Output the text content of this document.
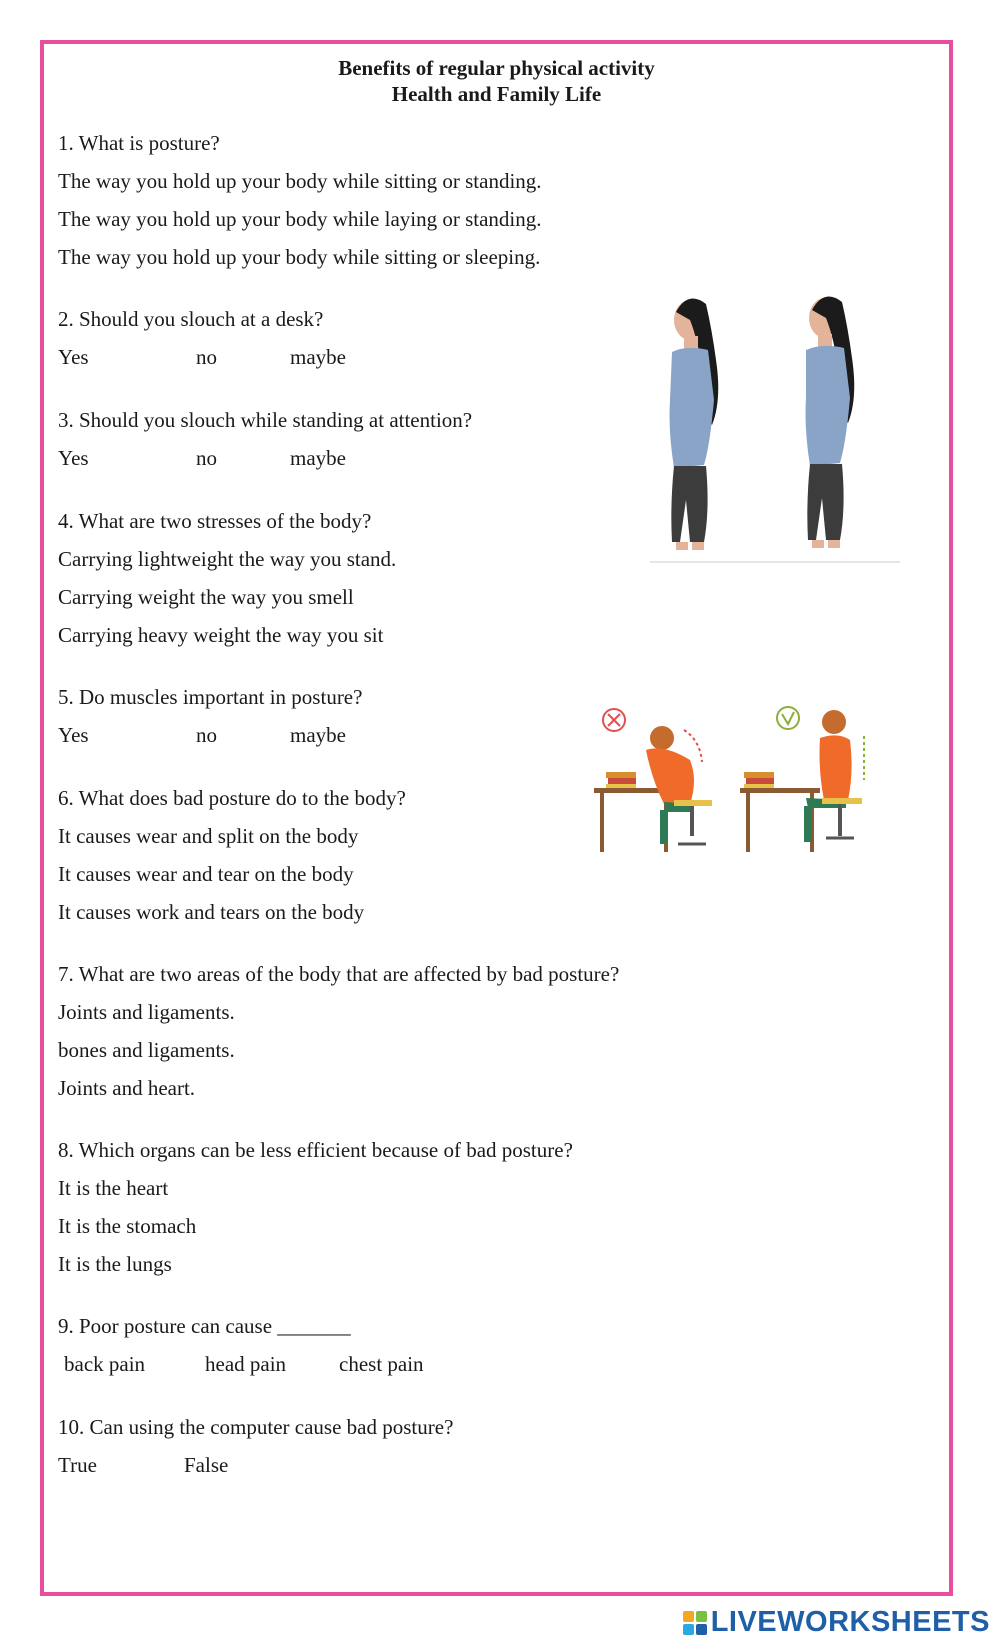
Benefits of regular physical activity
Health and Family Life
1. What is posture?
The way you hold up your body while sitting or standing.
The way you hold up your body while laying or standing.
The way you hold up your body while sitting or sleeping.
2. Should you slouch at a desk?
Yes	no	maybe
3. Should you slouch while standing at attention?
Yes	no	maybe
4. What are two stresses of the body?
Carrying lightweight the way you stand.
Carrying weight the way you smell
Carrying heavy weight the way you sit
5. Do muscles important in posture?
Yes	no	maybe
6. What does bad posture do to the body?
It causes wear and split on the body
It causes wear and tear on the body
It causes work and tears on the body
7. What are two areas of the body that are affected by bad posture?
Joints and ligaments.
bones and ligaments.
Joints and heart.
8. Which organs can be less efficient because of bad posture?
It is the heart
It is the stomach
It is the lungs
9. Poor posture can cause _______
back pain	head pain	chest pain
10. Can using the computer cause bad posture?
True	False
LIVEWORKSHEETS
